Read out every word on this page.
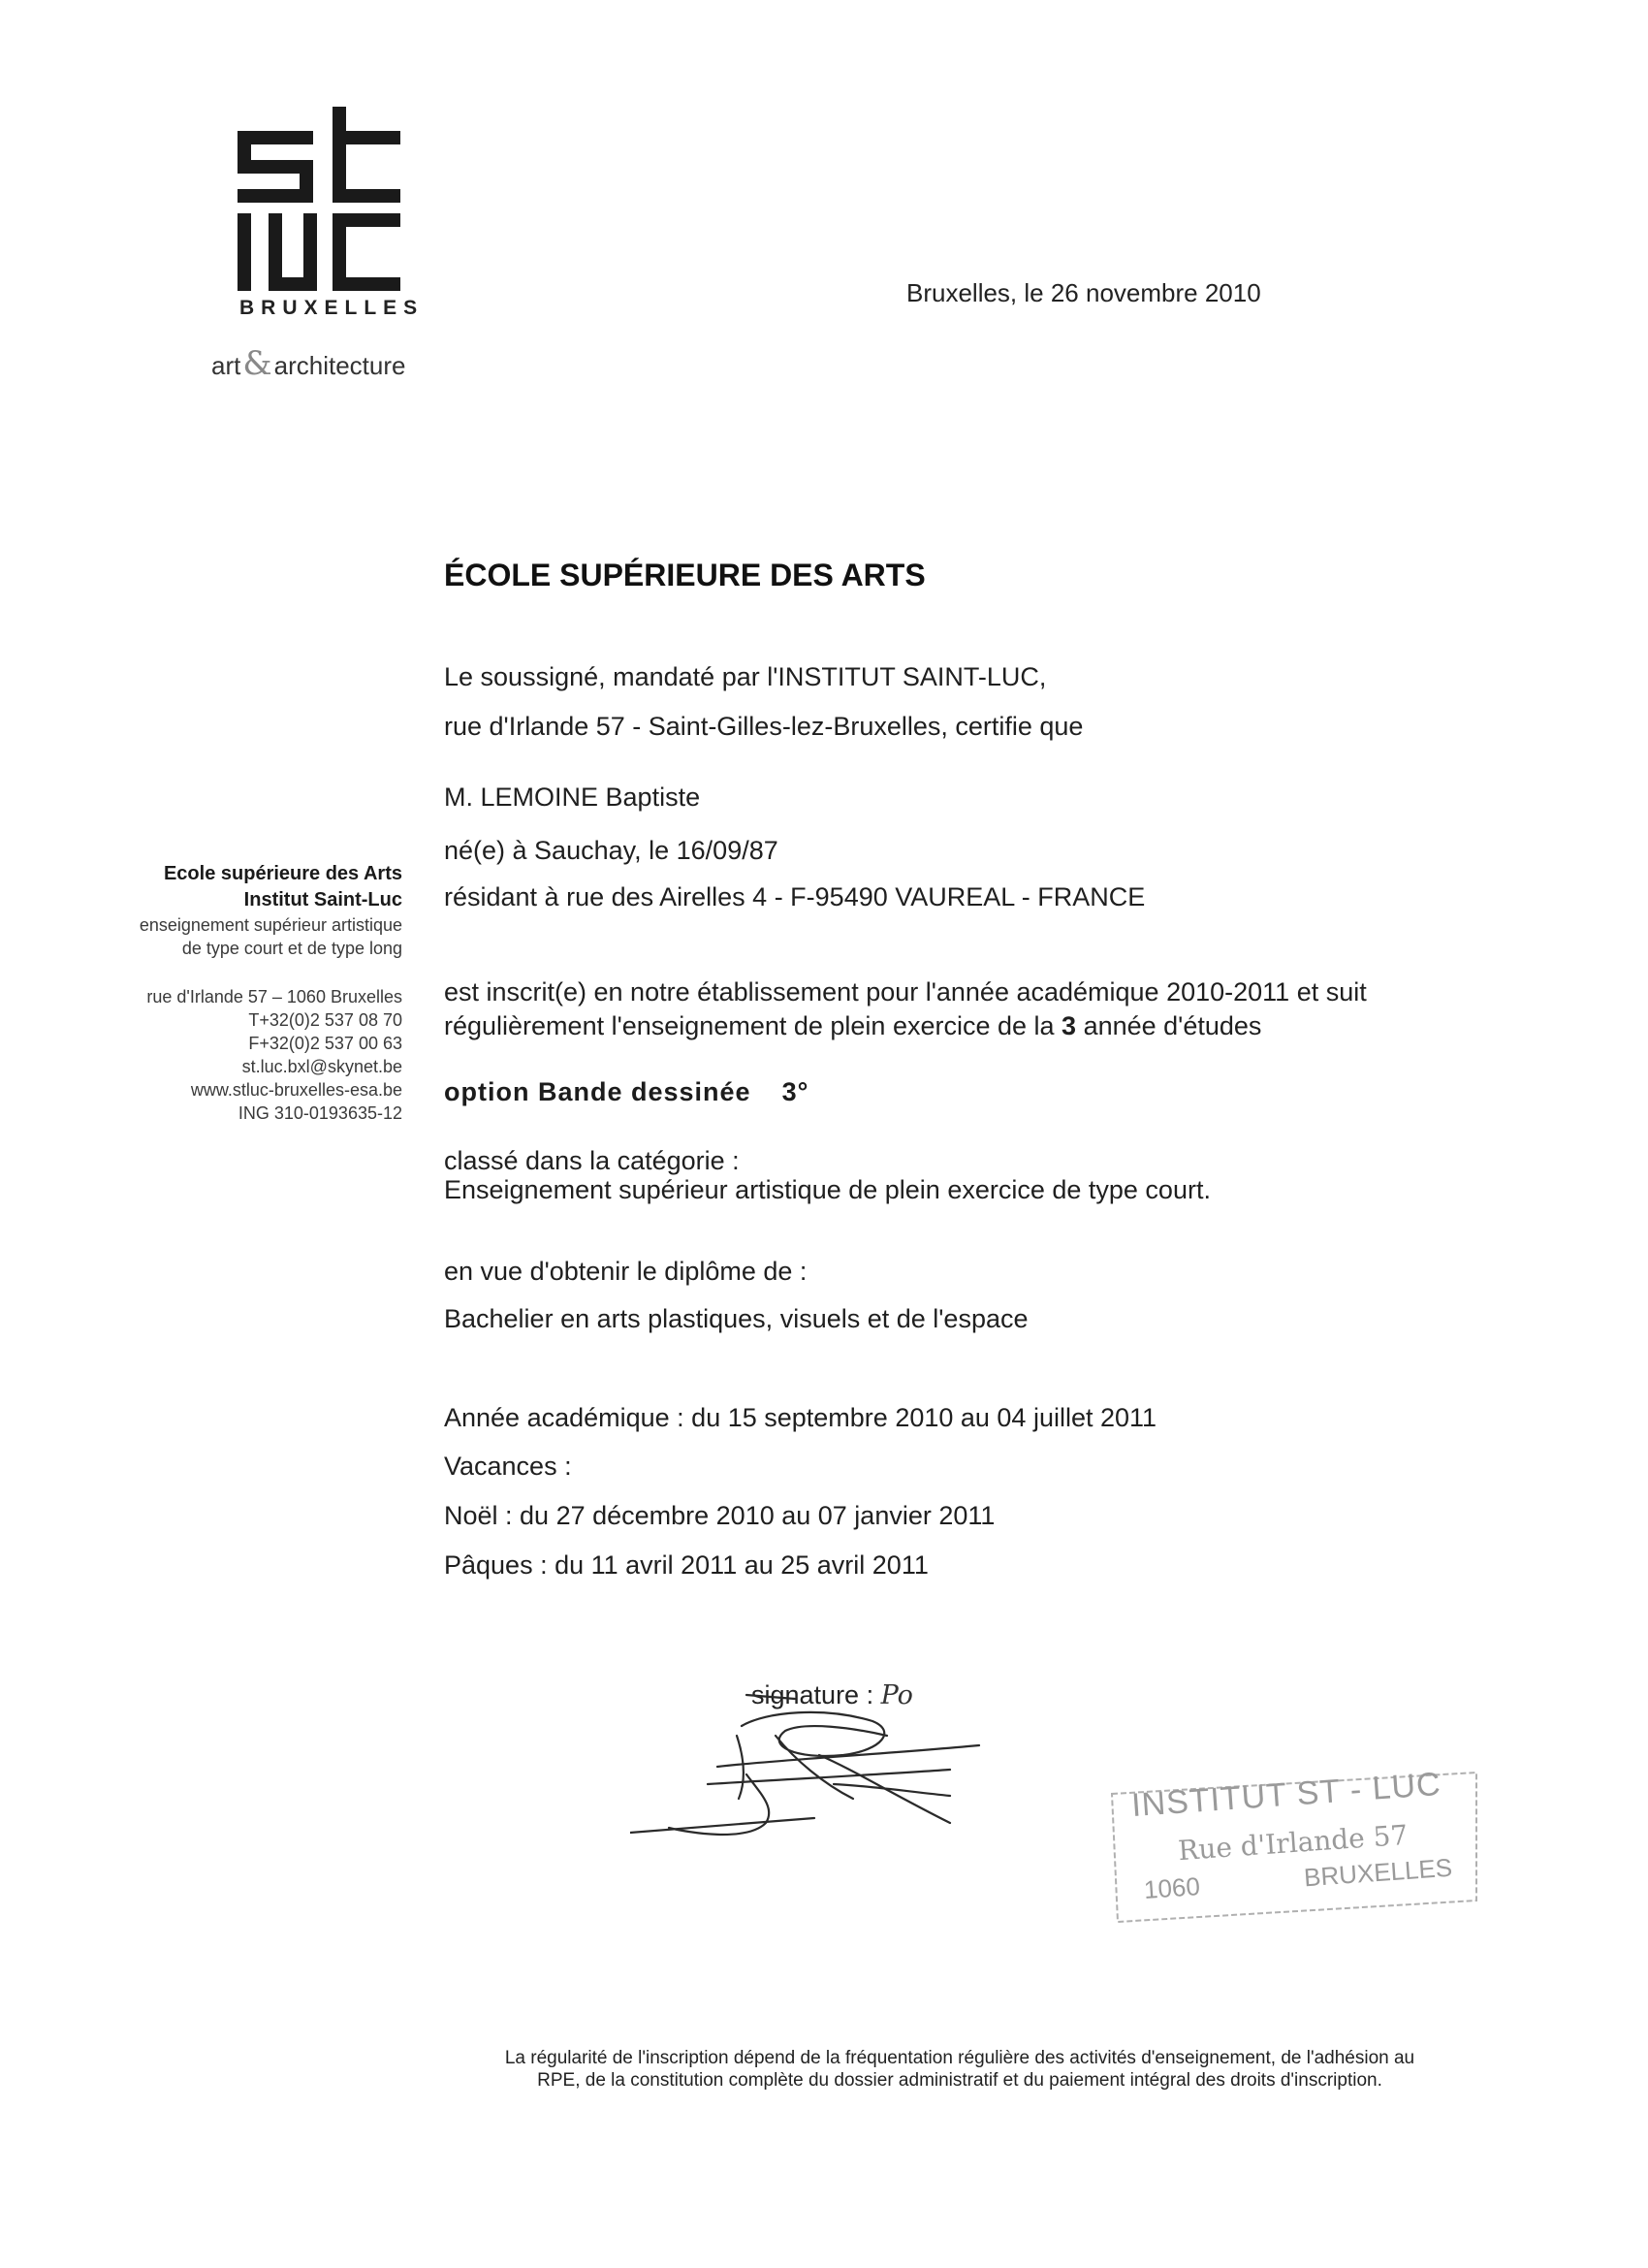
BRUXELLES
art&architecture
Bruxelles, le 26 novembre 2010
ÉCOLE SUPÉRIEURE DES ARTS
Ecole supérieure des Arts
Institut Saint-Luc
enseignement supérieur artistique
de type court et de type long
rue d'Irlande 57 – 1060 Bruxelles
T+32(0)2 537 08 70
F+32(0)2 537 00 63
st.luc.bxl@skynet.be
www.stluc-bruxelles-esa.be
ING 310-0193635-12
Le soussigné, mandaté par l'INSTITUT SAINT-LUC,
rue d'Irlande 57 - Saint-Gilles-lez-Bruxelles, certifie que
M. LEMOINE Baptiste
né(e) à Sauchay, le 16/09/87
résidant à rue des Airelles 4 - F-95490 VAUREAL - FRANCE
est inscrit(e) en notre établissement pour l'année académique 2010-2011 et suit
régulièrement l'enseignement de plein exercice de la 3 année d'études
option Bande dessinée 3°
classé dans la catégorie :
Enseignement supérieur artistique de plein exercice de type court.
en vue d'obtenir le diplôme de :
Bachelier en arts plastiques, visuels et de l'espace
Année académique : du 15 septembre 2010 au 04 juillet 2011
Vacances :
Noël : du 27 décembre 2010 au 07 janvier 2011
Pâques : du 11 avril 2011 au 25 avril 2011
signature : Po
INSTITUT ST - LUC
Rue d'Irlande 57
1060	BRUXELLES
La régularité de l'inscription dépend de la fréquentation régulière des activités d'enseignement, de l'adhésion au
RPE, de la constitution complète du dossier administratif et du paiement intégral des droits d'inscription.
